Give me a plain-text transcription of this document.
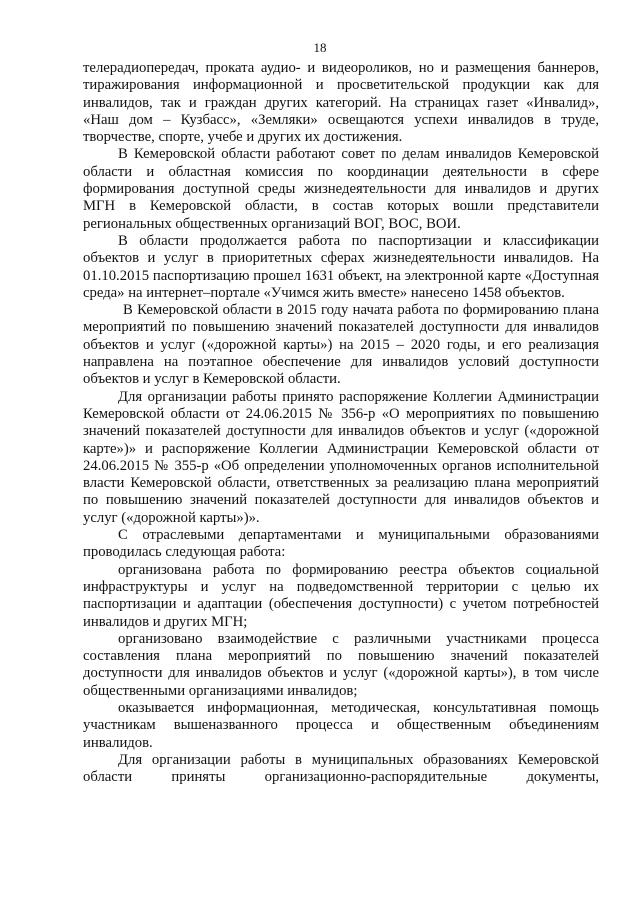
18

телерадиопередач, проката аудио- и видеороликов, но и размещения баннеров, тиражирования информационной и просветительской продукции как для инвалидов, так и граждан других категорий. На страницах газет «Инвалид», «Наш дом – Кузбасс», «Земляки» освещаются успехи инвалидов в труде, творчестве, спорте, учебе и других их достижения.

В Кемеровской области работают совет по делам инвалидов Кемеровской области и областная комиссия по координации деятельности в сфере формирования доступной среды жизнедеятельности для инвалидов и других МГН в Кемеровской области, в состав которых вошли представители региональных общественных организаций ВОГ, ВОС, ВОИ.

В области продолжается работа по паспортизации и классификации объектов и услуг в приоритетных сферах жизнедеятельности инвалидов. На 01.10.2015 паспортизацию прошел 1631 объект, на электронной карте «Доступная среда» на интернет–портале «Учимся жить вместе» нанесено 1458 объектов.

В Кемеровской области в 2015 году начата работа по формированию плана мероприятий по повышению значений показателей доступности для инвалидов объектов и услуг («дорожной карты») на 2015 – 2020 годы, и его реализация направлена на поэтапное обеспечение для инвалидов условий доступности объектов и услуг в Кемеровской области.

Для организации работы принято распоряжение Коллегии Администрации Кемеровской области от 24.06.2015 № 356-р «О мероприятиях по повышению значений показателей доступности для инвалидов объектов и услуг («дорожной карте»)» и распоряжение Коллегии Администрации Кемеровской области от 24.06.2015 № 355-р «Об определении уполномоченных органов исполнительной власти Кемеровской области, ответственных за реализацию плана мероприятий по повышению значений показателей доступности для инвалидов объектов и услуг («дорожной карты»)».

С отраслевыми департаментами и муниципальными образованиями проводилась следующая работа:

организована работа по формированию реестра объектов социальной инфраструктуры и услуг на подведомственной территории с целью их паспортизации и адаптации (обеспечения доступности) с учетом потребностей инвалидов и других МГН;

организовано взаимодействие с различными участниками процесса составления плана мероприятий по повышению значений показателей доступности для инвалидов объектов и услуг («дорожной карты»), в том числе общественными организациями инвалидов;

оказывается информационная, методическая, консультативная помощь участникам вышеназванного процесса и общественным объединениям инвалидов.

Для организации работы в муниципальных образованиях Кемеровской области приняты организационно-распорядительные документы,
